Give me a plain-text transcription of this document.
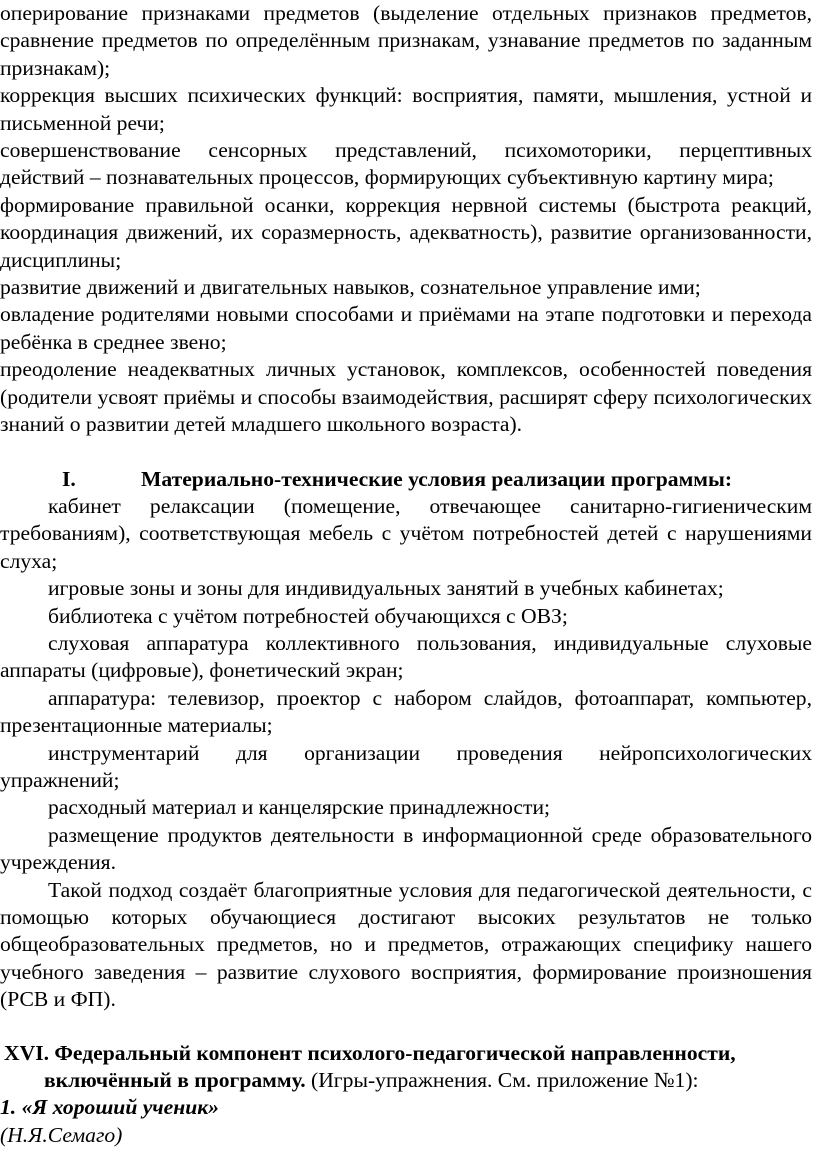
оперирование признаками предметов (выделение отдельных признаков предметов, сравнение предметов по определённым признакам, узнавание предметов по заданным признакам);

коррекция высших психических функций: восприятия, памяти, мышления, устной и письменной речи;

совершенствование сенсорных представлений, психомоторики, перцептивных действий – познавательных процессов, формирующих субъективную картину мира;

формирование правильной осанки, коррекция нервной системы (быстрота реакций, координация движений, их соразмерность, адекватность), развитие организованности, дисциплины;

развитие движений и двигательных навыков, сознательное управление ими;

овладение родителями новыми способами и приёмами на этапе подготовки и перехода ребёнка в среднее звено;

преодоление неадекватных личных установок, комплексов, особенностей поведения (родители усвоят приёмы и способы взаимодействия, расширят сферу психологических знаний о развитии детей младшего школьного возраста).

I.	Материально-технические условия реализации программы:

кабинет релаксации (помещение, отвечающее санитарно-гигиеническим требованиям), соответствующая мебель с учётом потребностей детей с нарушениями слуха;

игровые зоны и зоны для индивидуальных занятий в учебных кабинетах;

библиотека с учётом потребностей обучающихся с ОВЗ;

слуховая аппаратура коллективного пользования, индивидуальные слуховые аппараты (цифровые), фонетический экран;

аппаратура: телевизор, проектор с набором слайдов, фотоаппарат, компьютер, презентационные материалы;

инструментарий для организации проведения нейропсихологических упражнений;

расходный материал и канцелярские принадлежности;

размещение продуктов деятельности в информационной среде образовательного учреждения.

Такой подход создаёт благоприятные условия для педагогической деятельности, с помощью которых обучающиеся достигают высоких результатов не только общеобразовательных предметов, но и предметов, отражающих специфику нашего учебного заведения – развитие слухового восприятия, формирование произношения (РСВ и ФП).

XVI. Федеральный компонент психолого-педагогической направленности,
включённый в программу. (Игры-упражнения. См. приложение №1):

1. «Я хороший ученик»

(Н.Я.Семаго)
